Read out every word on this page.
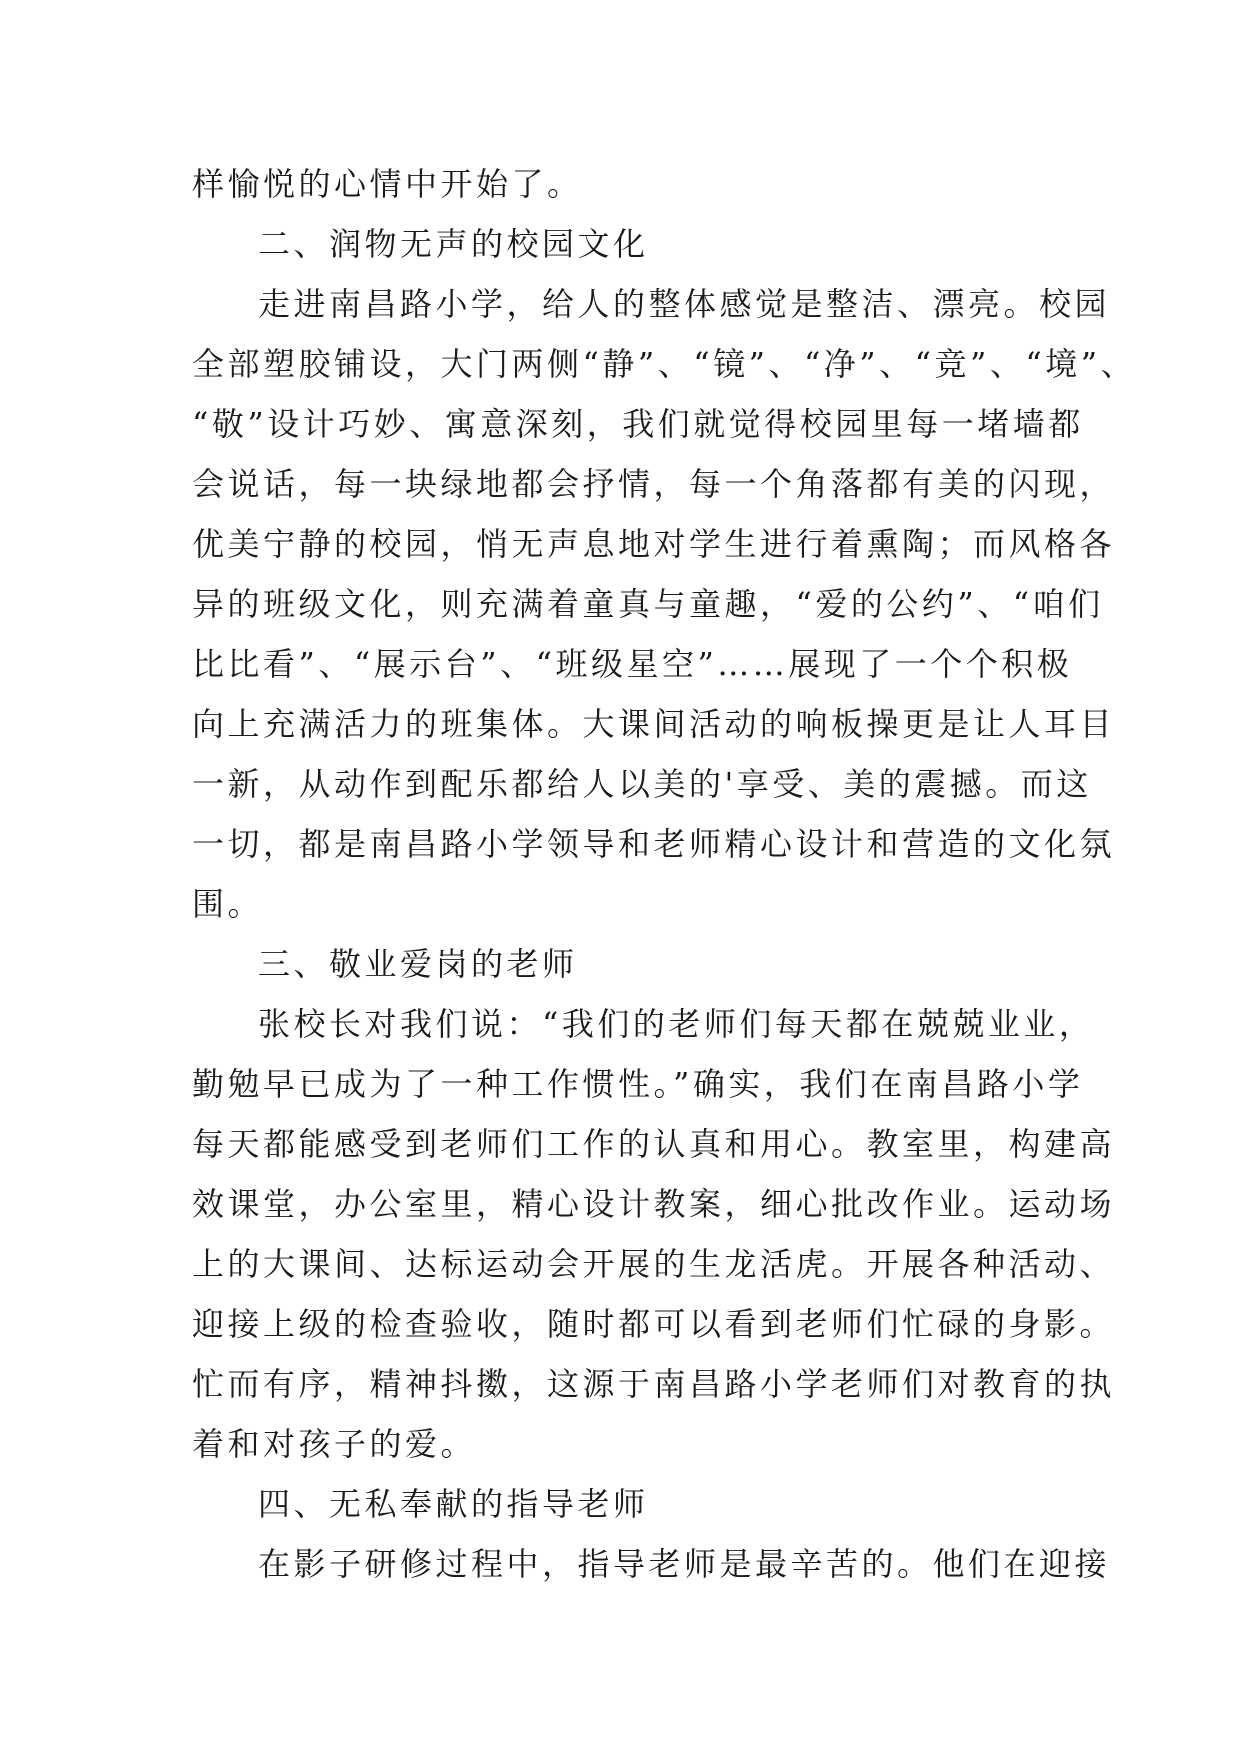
样愉悦的心情中开始了。
二、润物无声的校园文化
走进南昌路小学，给人的整体感觉是整洁、漂亮。校园
全部塑胶铺设，大门两侧“静”、“镜”、“净”、“竞”、“境”、
“敬”设计巧妙、寓意深刻，我们就觉得校园里每一堵墙都
会说话，每一块绿地都会抒情，每一个角落都有美的闪现，
优美宁静的校园，悄无声息地对学生进行着熏陶；而风格各
异的班级文化，则充满着童真与童趣，“爱的公约”、“咱们
比比看”、“展示台”、“班级星空”……展现了一个个积极
向上充满活力的班集体。大课间活动的响板操更是让人耳目
一新，从动作到配乐都给人以美的'享受、美的震撼。而这
一切，都是南昌路小学领导和老师精心设计和营造的文化氛
围。
三、敬业爱岗的老师
张校长对我们说：“我们的老师们每天都在兢兢业业，
勤勉早已成为了一种工作惯性。”确实，我们在南昌路小学
每天都能感受到老师们工作的认真和用心。教室里，构建高
效课堂，办公室里，精心设计教案，细心批改作业。运动场
上的大课间、达标运动会开展的生龙活虎。开展各种活动、
迎接上级的检查验收，随时都可以看到老师们忙碌的身影。
忙而有序，精神抖擞，这源于南昌路小学老师们对教育的执
着和对孩子的爱。
四、无私奉献的指导老师
在影子研修过程中，指导老师是最辛苦的。他们在迎接
